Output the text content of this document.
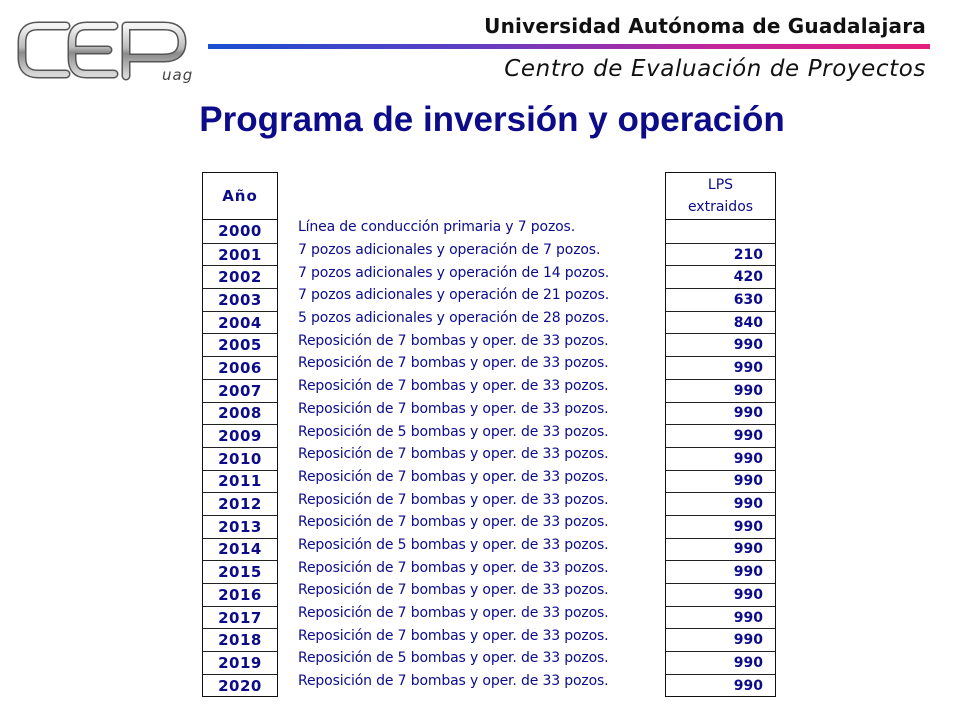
uag
Universidad Autónoma de Guadalajara
Centro de Evaluación de Proyectos
Programa de inversión y operación
Año
2000
2001
2002
2003
2004
2005
2006
2007
2008
2009
2010
2011
2012
2013
2014
2015
2016
2017
2018
2019
2020
Línea de conducción primaria y 7 pozos.
7 pozos adicionales y operación de 7 pozos.
7 pozos adicionales y operación de 14 pozos.
7 pozos adicionales y operación de 21 pozos.
5 pozos adicionales y operación de 28 pozos.
Reposición de 7 bombas y oper. de 33 pozos.
Reposición de 7 bombas y oper. de 33 pozos.
Reposición de 7 bombas y oper. de 33 pozos.
Reposición de 7 bombas y oper. de 33 pozos.
Reposición de 5 bombas y oper. de 33 pozos.
Reposición de 7 bombas y oper. de 33 pozos.
Reposición de 7 bombas y oper. de 33 pozos.
Reposición de 7 bombas y oper. de 33 pozos.
Reposición de 7 bombas y oper. de 33 pozos.
Reposición de 5 bombas y oper. de 33 pozos.
Reposición de 7 bombas y oper. de 33 pozos.
Reposición de 7 bombas y oper. de 33 pozos.
Reposición de 7 bombas y oper. de 33 pozos.
Reposición de 7 bombas y oper. de 33 pozos.
Reposición de 5 bombas y oper. de 33 pozos.
Reposición de 7 bombas y oper. de 33 pozos.
LPS
extraidos
210
420
630
840
990
990
990
990
990
990
990
990
990
990
990
990
990
990
990
990
